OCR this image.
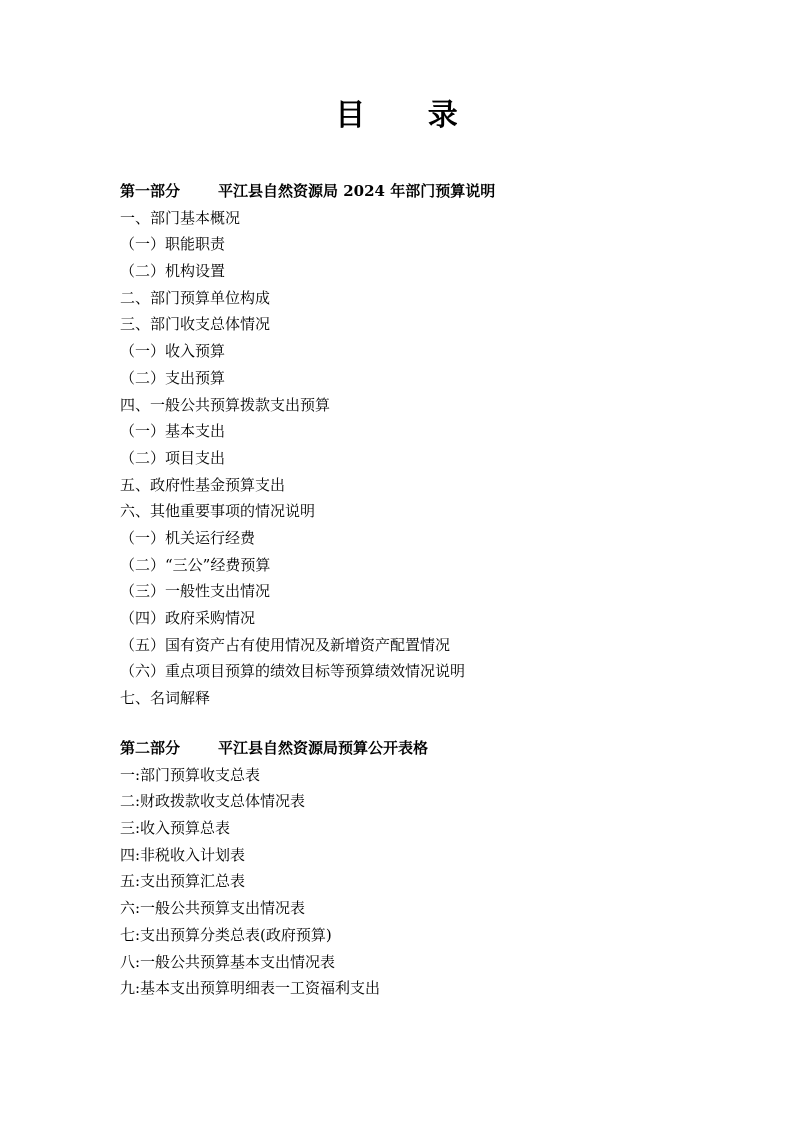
目 录
第一部分	平江县自然资源局 2024 年部门预算说明
一、部门基本概况
（一）职能职责
（二）机构设置
二、部门预算单位构成
三、部门收支总体情况
（一）收入预算
（二）支出预算
四、一般公共预算拨款支出预算
（一）基本支出
（二）项目支出
五、政府性基金预算支出
六、其他重要事项的情况说明
（一）机关运行经费
（二）“三公”经费预算
（三）一般性支出情况
（四）政府采购情况
（五）国有资产占有使用情况及新增资产配置情况
（六）重点项目预算的绩效目标等预算绩效情况说明
七、名词解释
第二部分	平江县自然资源局预算公开表格
一:部门预算收支总表
二:财政拨款收支总体情况表
三:收入预算总表
四:非税收入计划表
五:支出预算汇总表
六:一般公共预算支出情况表
七:支出预算分类总表(政府预算)
八:一般公共预算基本支出情况表
九:基本支出预算明细表一工资福利支出
